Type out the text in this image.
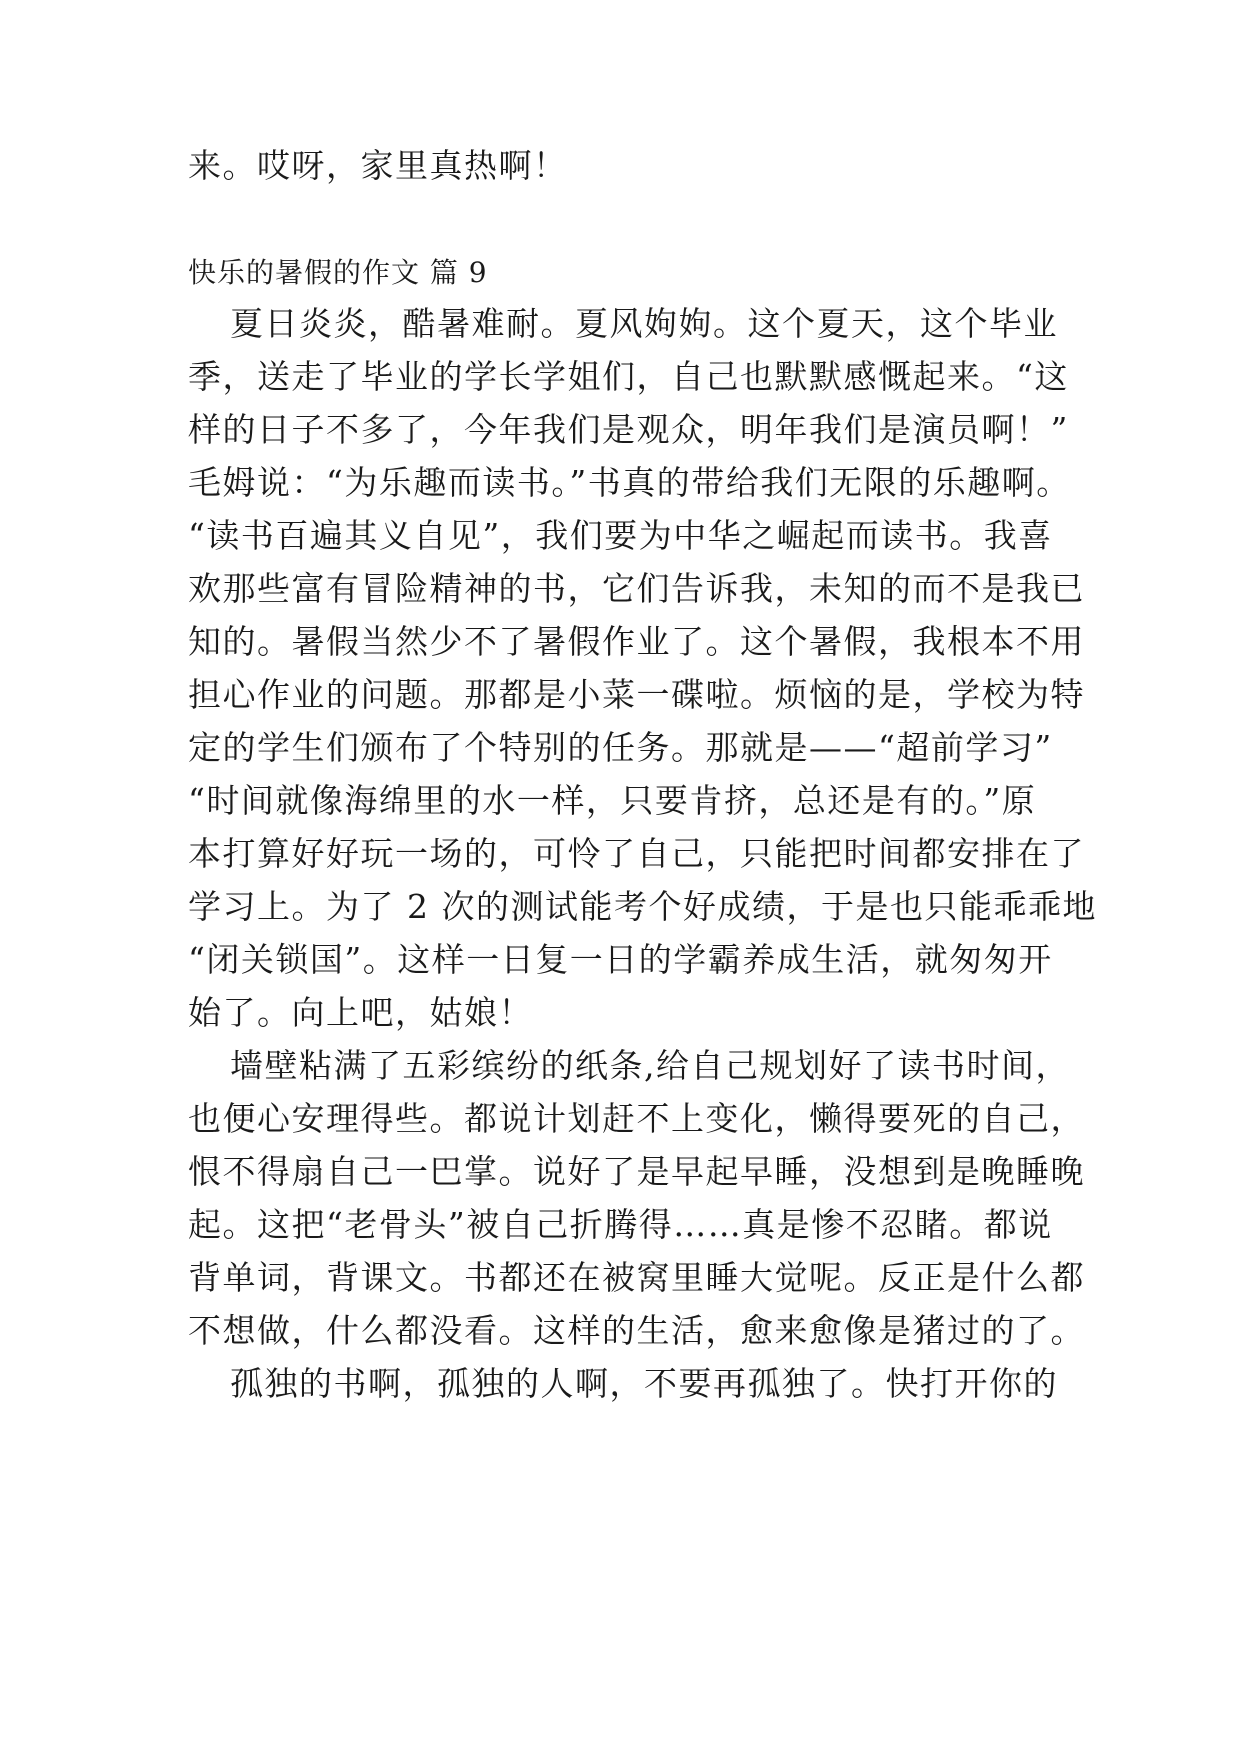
来。哎呀，家里真热啊！
快乐的暑假的作文 篇 9
夏日炎炎，酷暑难耐。夏风姁姁。这个夏天，这个毕业
季，送走了毕业的学长学姐们，自己也默默感慨起来。“这
样的日子不多了，今年我们是观众，明年我们是演员啊！”
毛姆说：“为乐趣而读书。”书真的带给我们无限的乐趣啊。
“读书百遍其义自见”，我们要为中华之崛起而读书。我喜
欢那些富有冒险精神的书，它们告诉我，未知的而不是我已
知的。暑假当然少不了暑假作业了。这个暑假，我根本不用
担心作业的问题。那都是小菜一碟啦。烦恼的是，学校为特
定的学生们颁布了个特别的任务。那就是——“超前学习”
“时间就像海绵里的水一样，只要肯挤，总还是有的。”原
本打算好好玩一场的，可怜了自己，只能把时间都安排在了
学习上。为了 2 次的测试能考个好成绩，于是也只能乖乖地
“闭关锁国”。这样一日复一日的学霸养成生活，就匆匆开
始了。向上吧，姑娘！
墙壁粘满了五彩缤纷的纸条,给自己规划好了读书时间，
也便心安理得些。都说计划赶不上变化，懒得要死的自己，
恨不得扇自己一巴掌。说好了是早起早睡，没想到是晚睡晚
起。这把“老骨头”被自己折腾得……真是惨不忍睹。都说
背单词，背课文。书都还在被窝里睡大觉呢。反正是什么都
不想做，什么都没看。这样的生活，愈来愈像是猪过的了。
孤独的书啊，孤独的人啊，不要再孤独了。快打开你的
